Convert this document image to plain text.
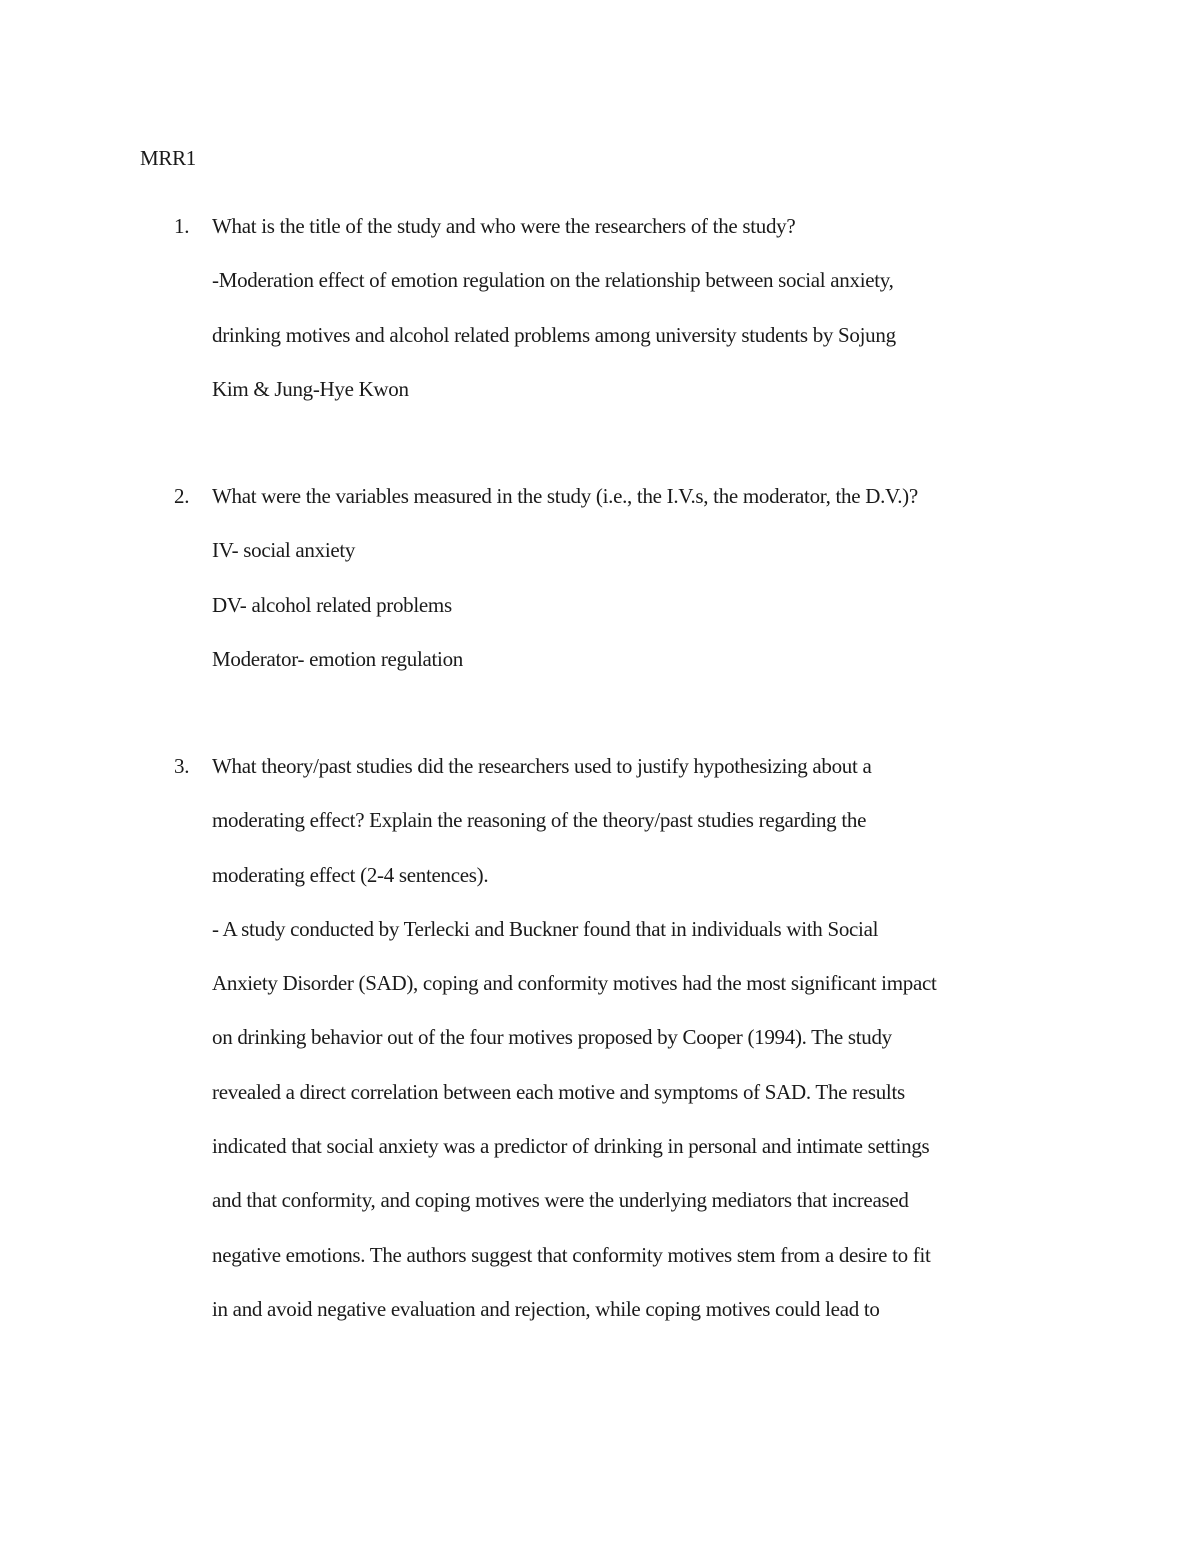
MRR1
1.	What is the title of the study and who were the researchers of the study?
-Moderation effect of emotion regulation on the relationship between social anxiety,
drinking motives and alcohol related problems among university students by Sojung
Kim & Jung-Hye Kwon
2.	What were the variables measured in the study (i.e., the I.V.s, the moderator, the D.V.)?
IV- social anxiety
DV- alcohol related problems
Moderator- emotion regulation
3.	What theory/past studies did the researchers used to justify hypothesizing about a
moderating effect? Explain the reasoning of the theory/past studies regarding the
moderating effect (2-4 sentences).
- A study conducted by Terlecki and Buckner found that in individuals with Social
Anxiety Disorder (SAD), coping and conformity motives had the most significant impact
on drinking behavior out of the four motives proposed by Cooper (1994). The study
revealed a direct correlation between each motive and symptoms of SAD. The results
indicated that social anxiety was a predictor of drinking in personal and intimate settings
and that conformity, and coping motives were the underlying mediators that increased
negative emotions. The authors suggest that conformity motives stem from a desire to fit
in and avoid negative evaluation and rejection, while coping motives could lead to
